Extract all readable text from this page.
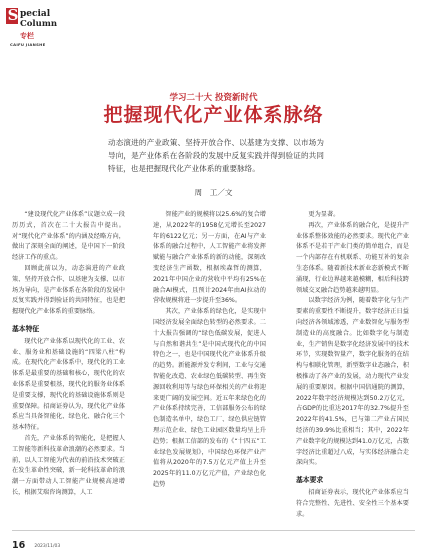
S pecial
Column
专栏
CAIFU JIANSHE
学习二十大 投资新时代
把握现代化产业体系脉络
动态演进的产业政策、坚持开放合作、以基建为支撑、以市场为导向，是产业体系在各阶段的发展中反复实践并得到验证的共同特征，也是把握现代化产业体系的重要脉络。
周　工／文

“建设现代化产业体系”议题立成一段历历式，首次在二十大报告中提出。对“现代化产业体系”的内涵及经略方向，做出了深刻全面的阐述，是中国下一阶段经济工作的重点。

回顾此前以为，动态演进的产业政策、坚持开放合作、以基建为支撑、以市场为导向，是产业体系在各阶段的发展中反复实践并得到验证的共同特征，也是把握现代化产业体系的重要脉络。

基本特征

现代化产业体系以现代化的工业、农业、服务业和基础设施的“四梁八柱”构成。在现代化产业体系中，现代化的工业体系是最重要的基础和核心，现代化的农业体系是重要根基，现代化的服务业体系是重要支撑，现代化的基础设施体系则是重要保障。招商证券认为，现代化产业体系应当具备智能化、绿色化、融合化三个基本特征。

首先，产业体系的智能化，是把握人工智能等新科技革命浪潮的必然要求。当前，以人工智能为代表的前沿技术突破正在发生革命性突破，新一轮科技革命的浪潮一方面带动人工智能产业规模高速增长，根据艾瑞咨询测算，人工

智能产业的规模将以25.6%的复合增速，从2022年的1958亿元增长至2027年的6122亿元；另一方面，在AI与产业体系的融合过程中，人工智能产业将发挥赋能与融合产业体系的新的动能，深刻改变经济生产函数，根据埃森哲的测算，2021年中国企业的营收中平均有25%在融合AI模式，且预计2024年由AI拉动的营收规模将进一步提升至36%。

其次，产业体系的绿色化，是实现中国经济发展全面绿色转型的必然要求。二十大报告强调的“绿色低碳发展，促进人与自然和谐共生”是中国式现代化的中国特色之一，也是中国现代化产业体系升级的趋势。新能源并发专利间，工业与交通智能化改造、农业绿色低碳转型、再生资源回收利用等与绿色环保相关的产业将迎来更广阔的发展空间。近五年来绿色化的产业体系持续完善，工信部服务公布的绿色制造名单中，绿色工厂、绿色供应链管理示范企业、绿色工业园区数量均呈上升趋势；根据工信部的发布的《“十四五”工业绿色发展规划》，中国绿色环保产业产值将从2020年的7.5万亿元产值上升至2025年的11.0万亿元产值，产业绿色化趋势

更为显著。

再次，产业体系的融合化，是提升产业体系整体效能的必然要求。现代化产业体系不是若干产业门类的简单组合，而是一个内部存在有机联系、功能互补的复杂生态体系。随着新技术新业态新模式不断涌现，行业边界越来越模糊，相后科技跨领域交叉融合趋势越来越明显。

以数字经济为例，随着数字化与生产要素的重要性不断提升，数字经济正日益向经济各领域渗透，产业数智化与服务型制造业的高度融合。比如数字化与制造业，生产销售是数字化经济发展中的技术环节，实现数智量产，数字化服务的在结构与相联化管理，新型数字业态融合，积极推动了各产业的发展，动力现代产业发展的重要原因。根据中国信通院的测算，2022年数字经济规模达到50.2万亿元，占GDP的比重达2017年的32.7%提升至2022年的41.5%，已与第二产业占国民经济的39.9%比重相当；其中，2022年产业数字化的规模达到41.0万亿元，占数字经济比重超过八成，与实体经济融合走深向实。

基本要求

招商证券表示，现代化产业体系应当符合完整性、先进性、安全性三个基本要求。

16 2023/11/03
